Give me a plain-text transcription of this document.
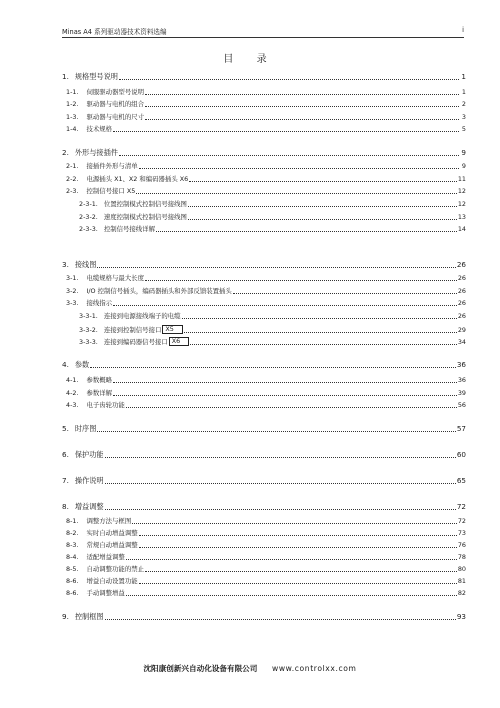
Minas A4 系列驱动器技术资料选编	i
目 录
1. 规格型号说明	1
1-1. 伺服驱动器型号说明	1
1-2. 驱动器与电机的组合	2
1-3. 驱动器与电机的尺寸	3
1-4. 技术规格	5
2. 外形与接插件	9
2-1. 接插件外形与清单	9
2-2. 电源插头 X1、X2 和编码器插头 X6	11
2-3. 控制信号接口 X5	12
2-3-1. 位置控制模式控制信号接线图	12
2-3-2. 速度控制模式控制信号接线图	13
2-3-3. 控制信号接线详解	14
3. 接线图	26
3-1. 电缆规格与最大长度	26
3-2. I/O 控制信号插头，编码器插头和外部反馈装置插头	26
3-3. 接线指示	26
3-3-1. 连接到电源接线端子的电缆	26
3-3-2. 连接到控制信号接口 X5	29
3-3-3. 连接到编码器信号接口 X6	34
4. 参数	36
4-1. 参数概略	36
4-2. 参数详解	39
4-3. 电子齿轮功能	56
5. 时序图	57
6. 保护功能	60
7. 操作说明	65
8. 增益调整	72
8-1. 调整方法与框图	72
8-2. 实时自动增益调整	73
8-3. 常规自动增益调整	76
8-4. 适配增益调整	78
8-5. 自动调整功能的禁止	80
8-6. 增益自动设置功能	81
8-6. 手动调整增益	82
9. 控制框图	93
沈阳康创新兴自动化设备有限公司 www.controlxx.com
